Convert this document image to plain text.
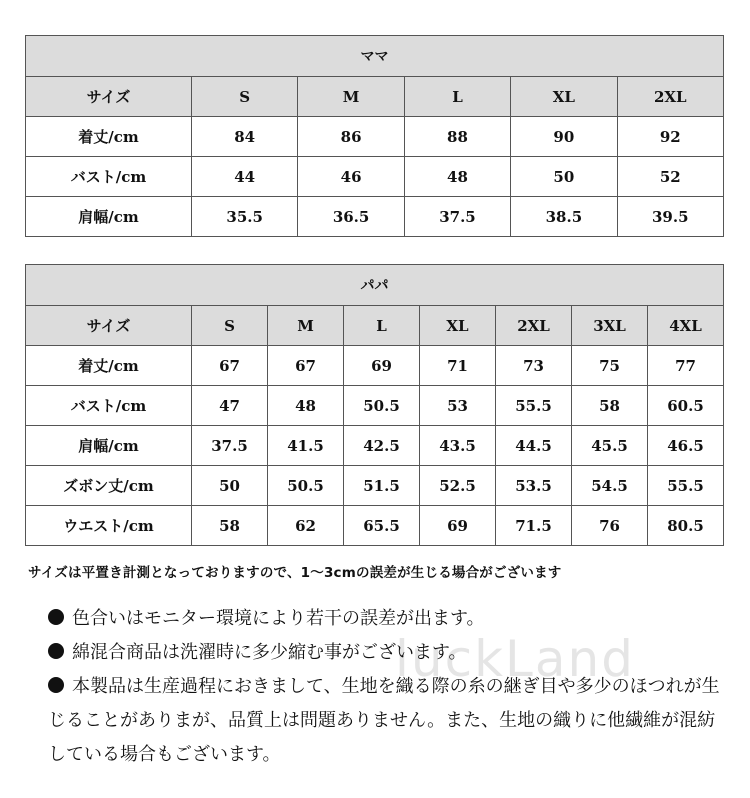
ママ					
サイズ	S	M	L	XL	2XL
着丈/cm	84	86	88	90	92
バスト/cm	44	46	48	50	52
肩幅/cm	35.5	36.5	37.5	38.5	39.5
パパ							
サイズ	S	M	L	XL	2XL	3XL	4XL
着丈/cm	67	67	69	71	73	75	77
バスト/cm	47	48	50.5	53	55.5	58	60.5
肩幅/cm	37.5	41.5	42.5	43.5	44.5	45.5	46.5
ズボン丈/cm	50	50.5	51.5	52.5	53.5	54.5	55.5
ウエスト/cm	58	62	65.5	69	71.5	76	80.5
サイズは平置き計測となっておりますので、1〜3cmの誤差が生じる場合がございます
luckLand

色合いはモニター環境により若干の誤差が出ます。

綿混合商品は洗濯時に多少縮む事がございます。

本製品は生産過程におきまして、生地を織る際の糸の継ぎ目や多少のほつれが生じることがありまが、品質上は問題ありません。また、生地の織りに他繊維が混紡している場合もございます。
